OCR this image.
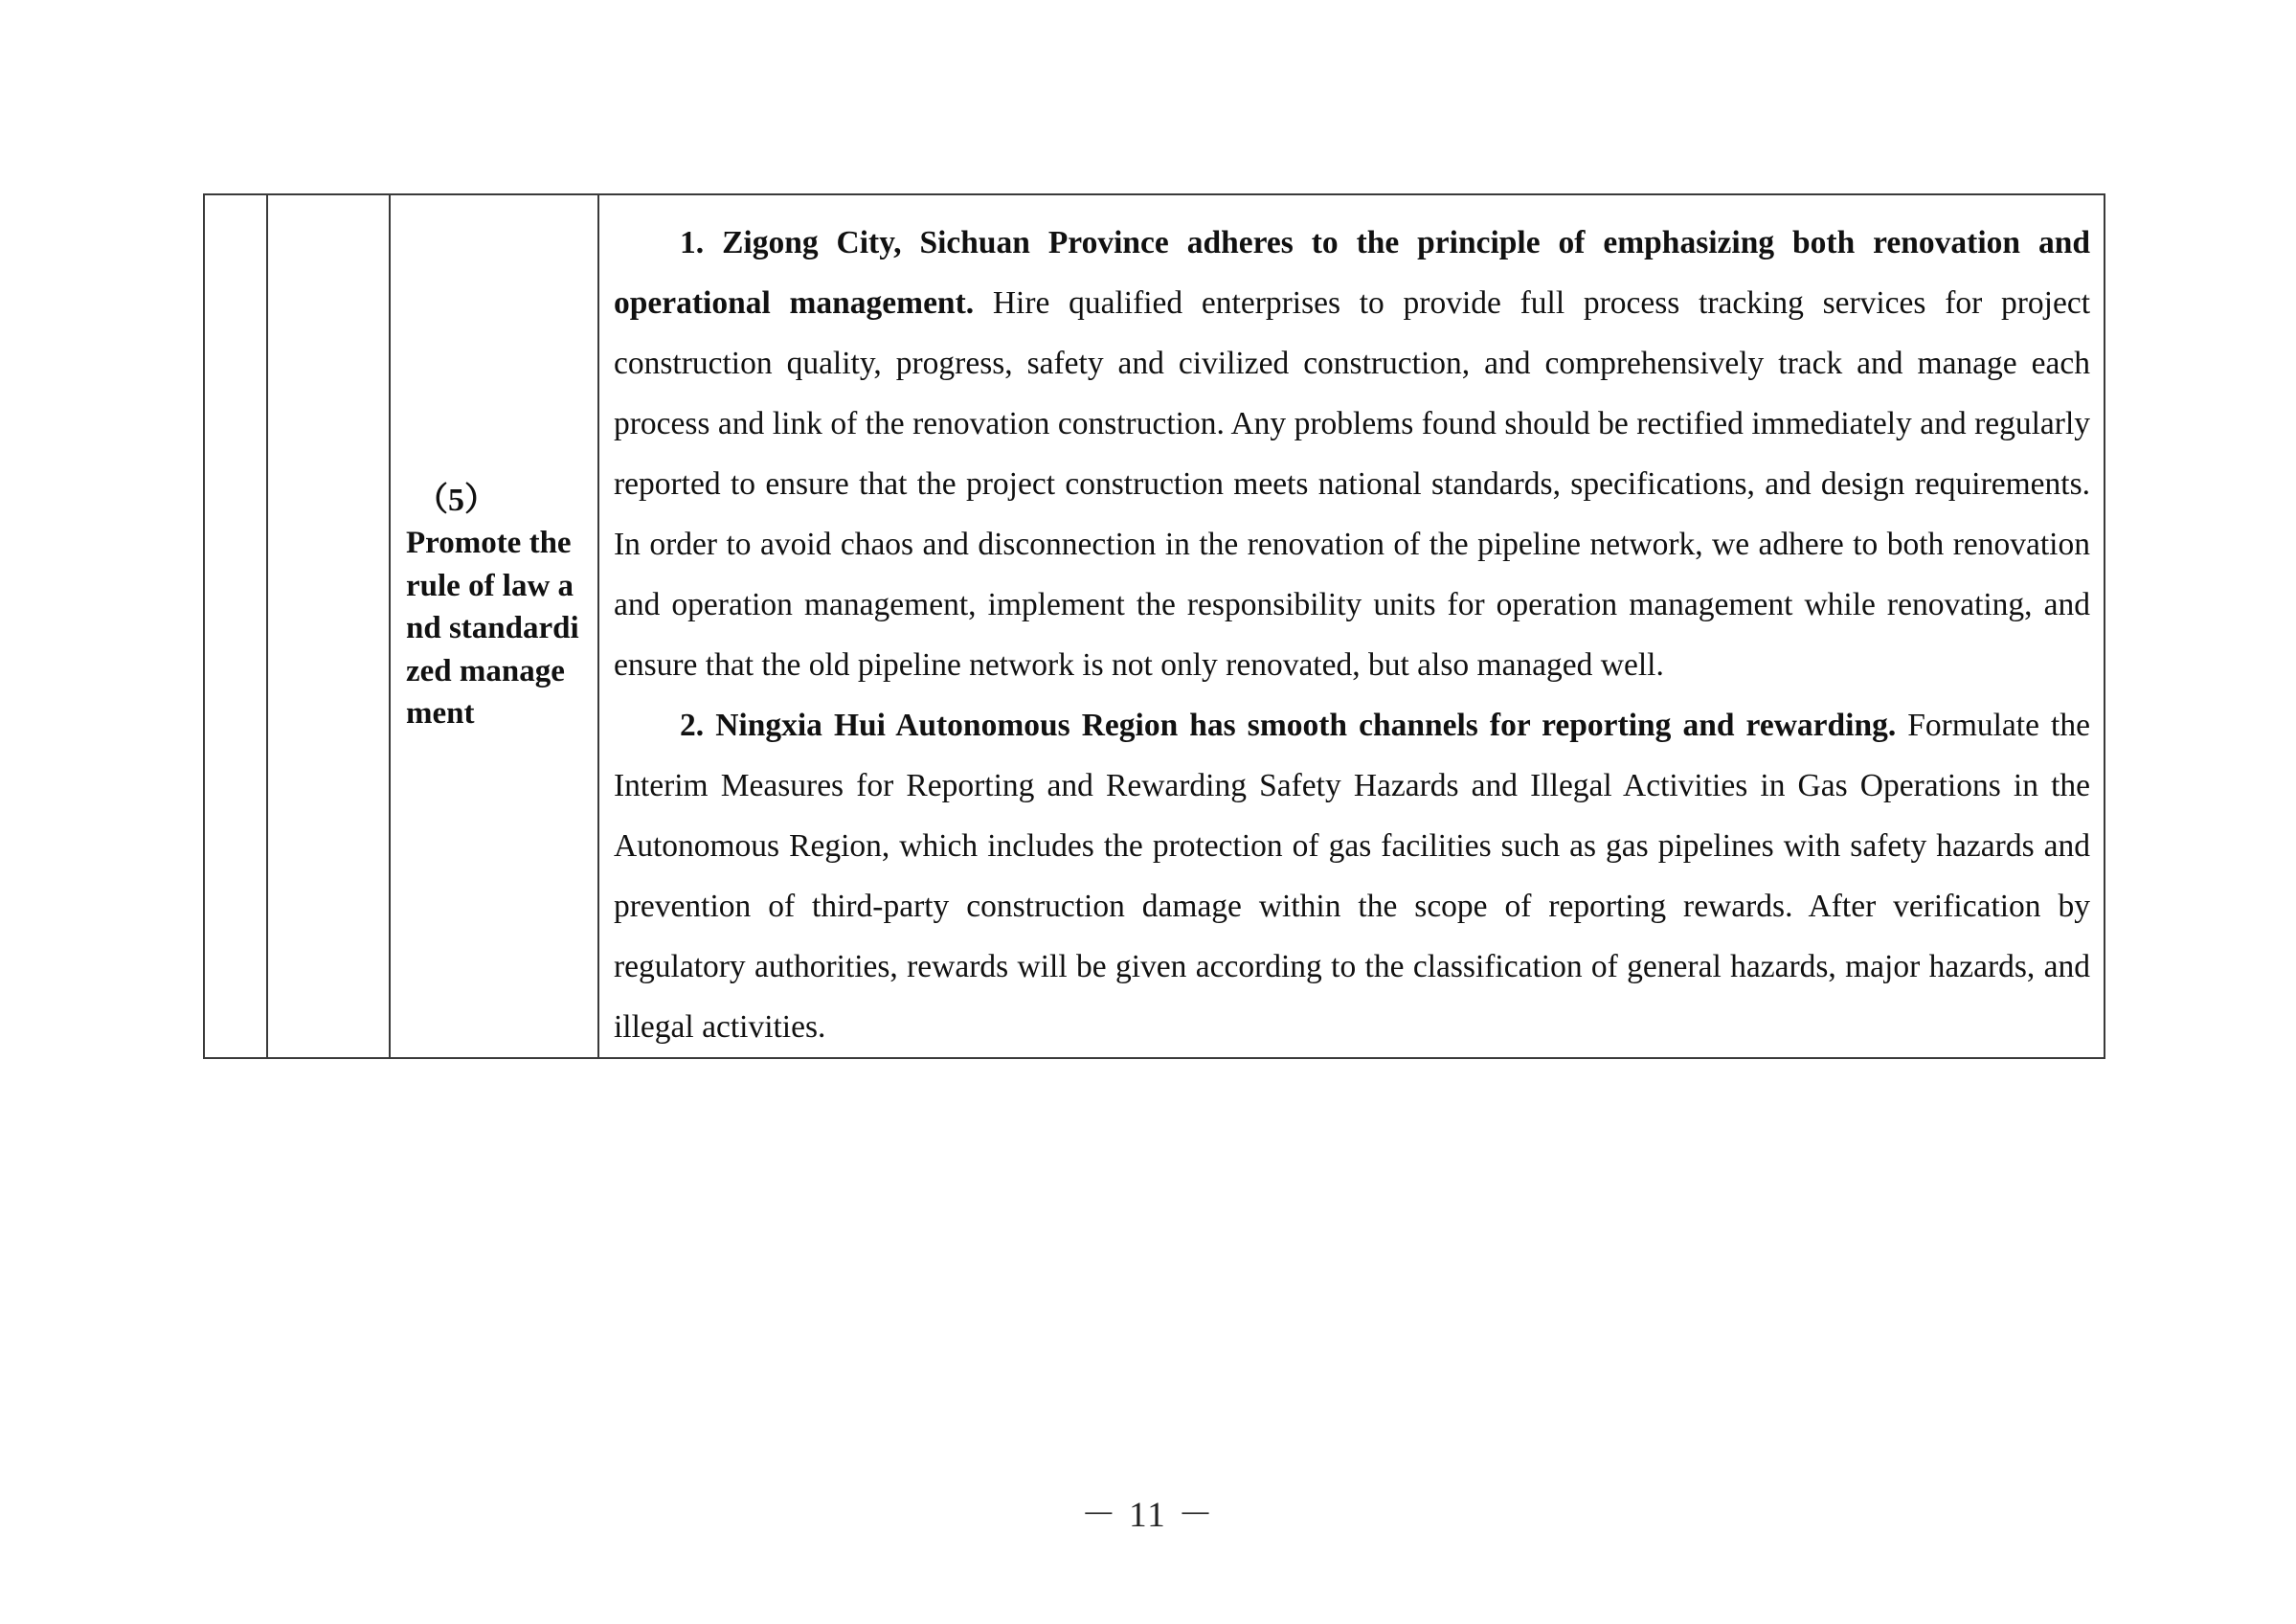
（5）
Promote the rule of law and standardized management

1. Zigong City, Sichuan Province adheres to the principle of emphasizing both renovation and operational management. Hire qualified enterprises to provide full process tracking services for project construction quality, progress, safety and civilized construction, and comprehensively track and manage each process and link of the renovation construction. Any problems found should be rectified immediately and regularly reported to ensure that the project construction meets national standards, specifications, and design requirements. In order to avoid chaos and disconnection in the renovation of the pipeline network, we adhere to both renovation and operation management, implement the responsibility units for operation management while renovating, and ensure that the old pipeline network is not only renovated, but also managed well.

2. Ningxia Hui Autonomous Region has smooth channels for reporting and rewarding. Formulate the Interim Measures for Reporting and Rewarding Safety Hazards and Illegal Activities in Gas Operations in the Autonomous Region, which includes the protection of gas facilities such as gas pipelines with safety hazards and prevention of third-party construction damage within the scope of reporting rewards. After verification by regulatory authorities, rewards will be given according to the classification of general hazards, major hazards, and illegal activities.

－ 11 －
